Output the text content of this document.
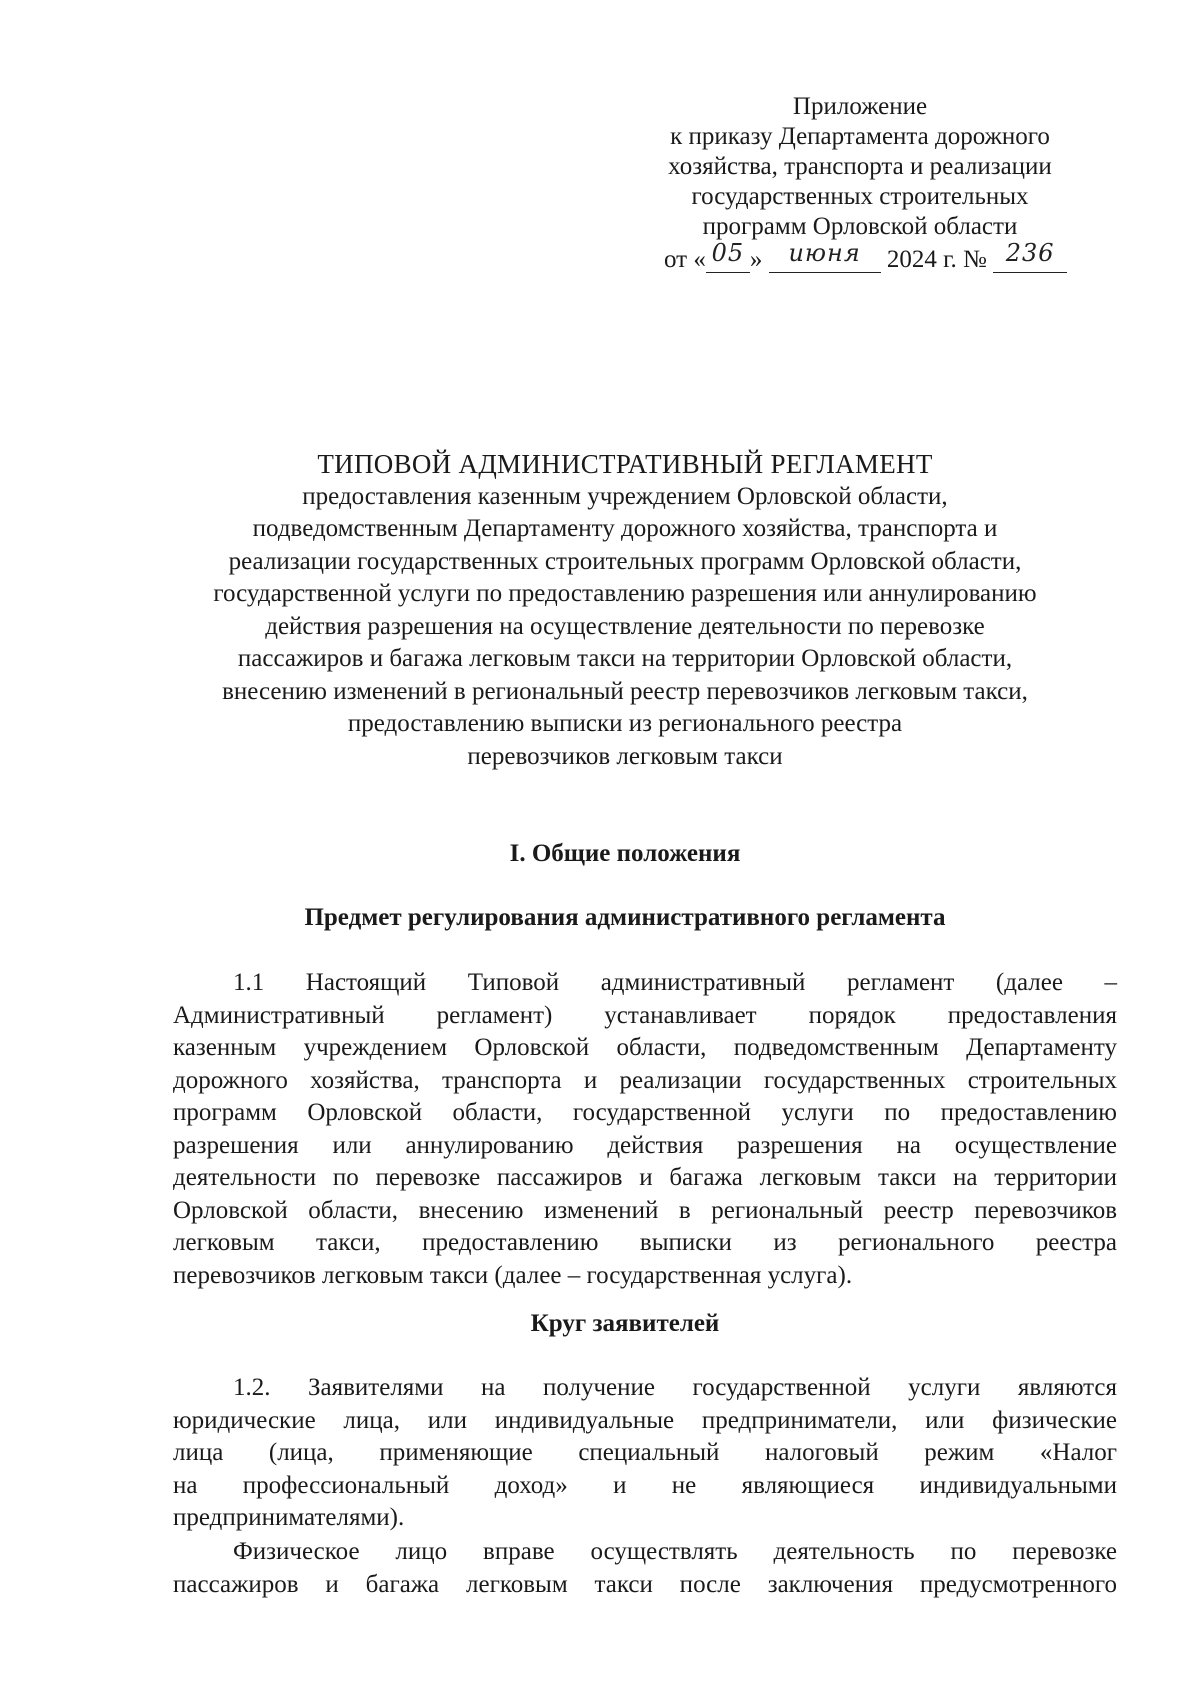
Приложение
к приказу Департамента дорожного
хозяйства, транспорта и реализации
государственных строительных
программ Орловской области
от « 05 » июня 2024 г. № 236
ТИПОВОЙ АДМИНИСТРАТИВНЫЙ РЕГЛАМЕНТ
предоставления казенным учреждением Орловской области,
подведомственным Департаменту дорожного хозяйства, транспорта и
реализации государственных строительных программ Орловской области,
государственной услуги по предоставлению разрешения или аннулированию
действия разрешения на осуществление деятельности по перевозке
пассажиров и багажа легковым такси на территории Орловской области,
внесению изменений в региональный реестр перевозчиков легковым такси,
предоставлению выписки из регионального реестра
перевозчиков легковым такси
I. Общие положения
Предмет регулирования административного регламента
1.1 Настоящий Типовой административный регламент (далее –
Административный регламент) устанавливает порядок предоставления
казенным учреждением Орловской области, подведомственным Департаменту
дорожного хозяйства, транспорта и реализации государственных строительных
программ Орловской области, государственной услуги по предоставлению
разрешения или аннулированию действия разрешения на осуществление
деятельности по перевозке пассажиров и багажа легковым такси на территории
Орловской области, внесению изменений в региональный реестр перевозчиков
легковым такси, предоставлению выписки из регионального реестра
перевозчиков легковым такси (далее – государственная услуга).
Круг заявителей
1.2. Заявителями на получение государственной услуги являются
юридические лица, или индивидуальные предприниматели, или физические
лица (лица, применяющие специальный налоговый режим «Налог
на профессиональный доход» и не являющиеся индивидуальными
предпринимателями).
Физическое лицо вправе осуществлять деятельность по перевозке
пассажиров и багажа легковым такси после заключения предусмотренного
